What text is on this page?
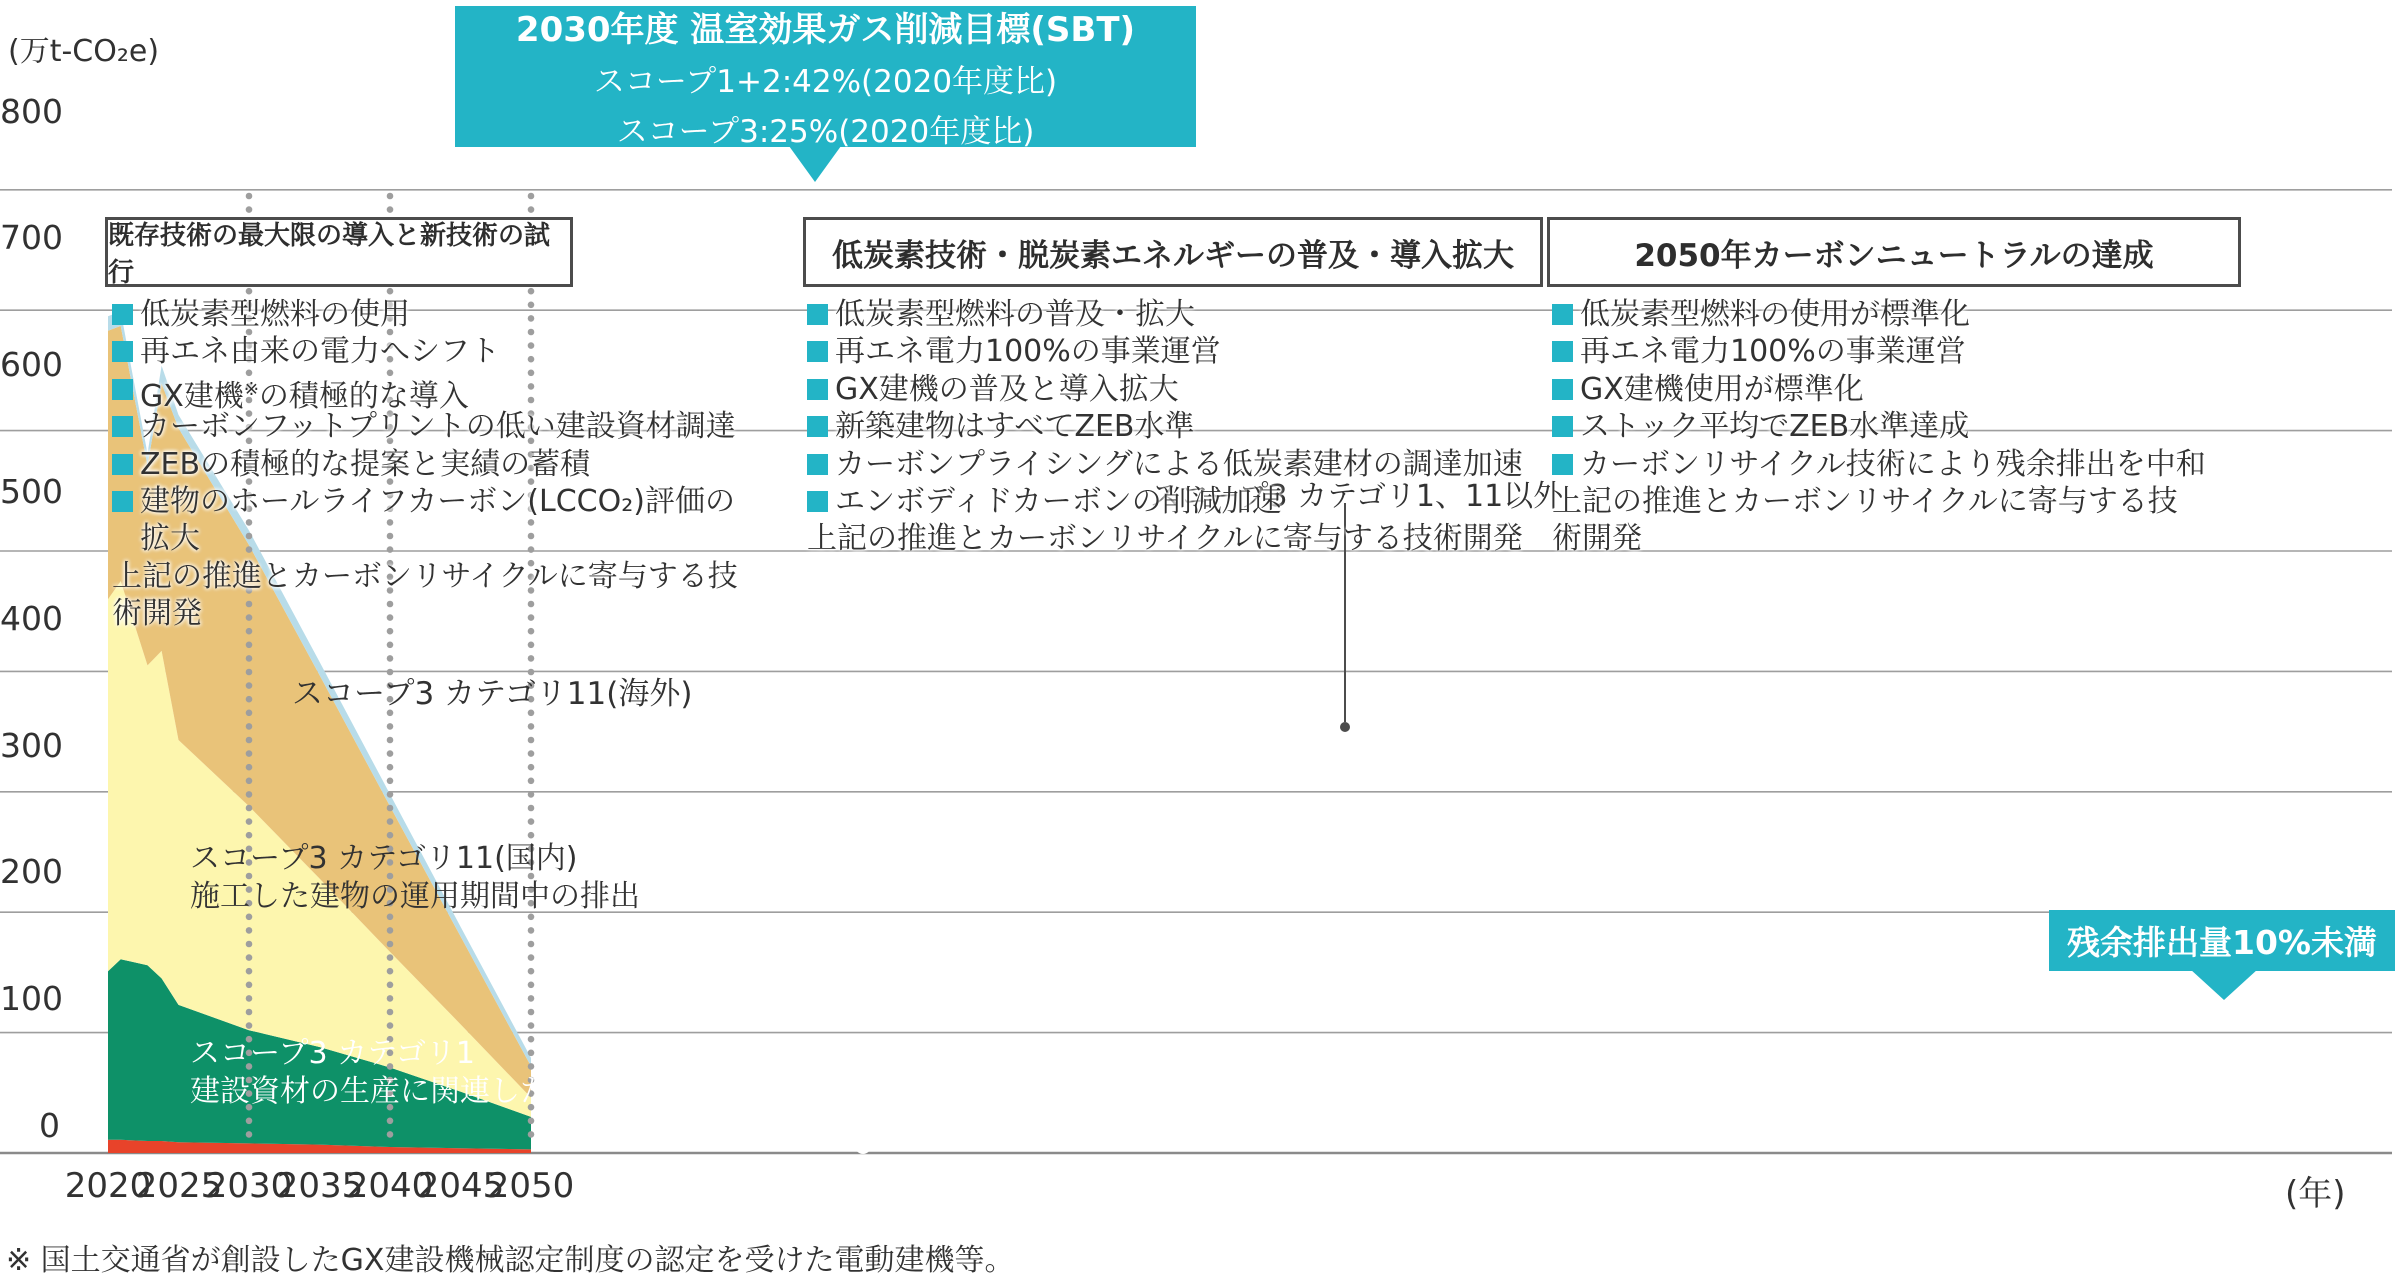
(万t-CO₂e)
2030年度 温室効果ガス削減目標(SBT)
スコープ1+2:42%(2020年度比)
スコープ3:25%(2020年度比)
残余排出量10%未満
スコープ3 カテゴリ11(海外)
スコープ3 カテゴリ11(国内)
施工した建物の運用期間中の排出
スコープ3 カテゴリ1
建設資材の生産に関連した排出	スコープ1+2
スコープ3 カテゴリ1、11以外
(年)
※ 国土交通省が創設したGX建設機械認定制度の認定を受けた電動建機等。
0
100
200
300
400
500
600
700
800
2020
2025
2030
2035
2040
2045
2050
既存技術の最大限の導入と新技術の試行
低炭素型燃料の使用
再エネ由来の電力へシフト
GX建機※の積極的な導入
カーボンフットプリントの低い建設資材調達
ZEBの積極的な提案と実績の蓄積
建物のホールライフカーボン(LCCO₂)評価の
拡大
上記の推進とカーボンリサイクルに寄与する技
術開発
低炭素技術・脱炭素エネルギーの普及・導入拡大
低炭素型燃料の普及・拡大
再エネ電力100%の事業運営
GX建機の普及と導入拡大
新築建物はすべてZEB水準
カーボンプライシングによる低炭素建材の調達加速
エンボディドカーボンの削減加速
上記の推進とカーボンリサイクルに寄与する技術開発
2050年カーボンニュートラルの達成
低炭素型燃料の使用が標準化
再エネ電力100%の事業運営
GX建機使用が標準化
ストック平均でZEB水準達成
カーボンリサイクル技術により残余排出を中和
上記の推進とカーボンリサイクルに寄与する技
術開発
